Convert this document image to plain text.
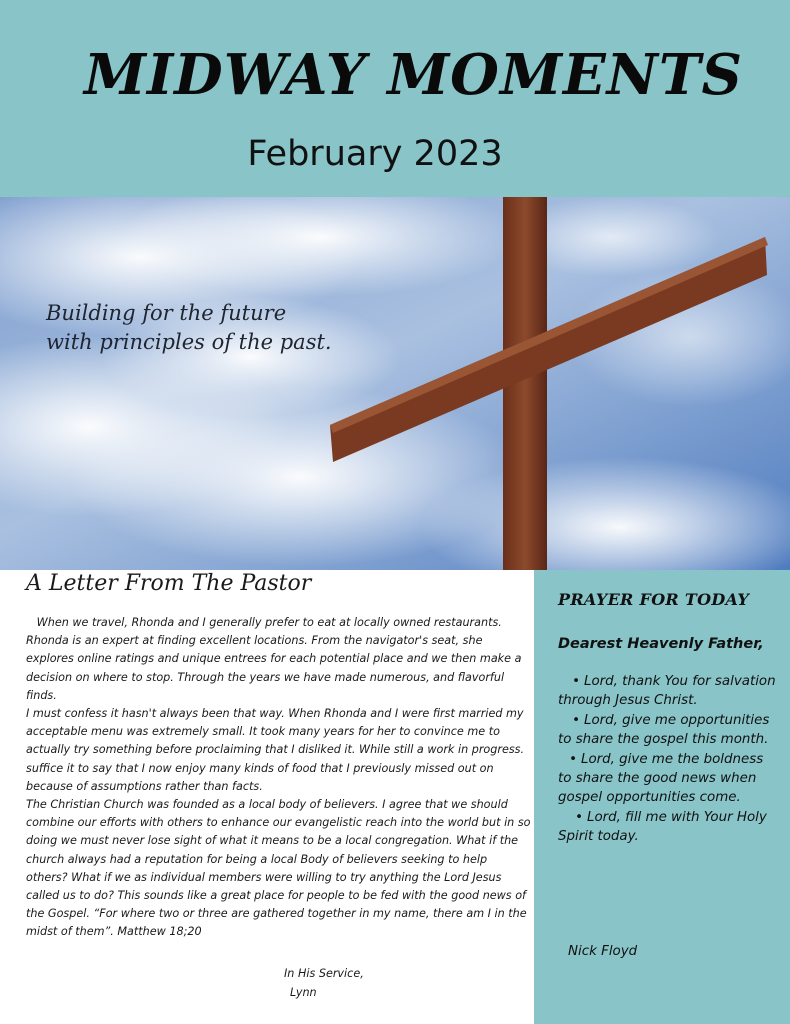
MIDWAY MOMENTS
February 2023
Building for the future
with principles of the past.
A Letter From The Pastor

When we travel, Rhonda and I generally prefer to eat at locally owned restaurants. Rhonda is an expert at finding excellent locations. From the navigator's seat, she explores online ratings and unique entrees for each potential place and we then make a decision on where to stop. Through the years we have made numerous, and flavorful finds.

I must confess it hasn't always been that way. When Rhonda and I were first married my acceptable menu was extremely small. It took many years for her to convince me to actually try something before proclaiming that I disliked it. While still a work in progress. suffice it to say that I now enjoy many kinds of food that I previously missed out on because of assumptions rather than facts.

The Christian Church was founded as a local body of believers. I agree that we should combine our efforts with others to enhance our evangelistic reach into the world but in so doing we must never lose sight of what it means to be a local congregation. What if the church always had a reputation for being a local Body of believers seeking to help others? What if we as individual members were willing to try anything the Lord Jesus called us to do? This sounds like a great place for people to be fed with the good news of the Gospel. “For where two or three are gathered together in my name, there am I in the midst of them”. Matthew 18;20

In His Service,
Lynn
PRAYER FOR TODAY
Dearest Heavenly Father,
• Lord, thank You for salvation through Jesus Christ.
• Lord, give me opportunities to share the gospel this month.
• Lord, give me the boldness to share the good news when gospel opportunities come.
• Lord, fill me with Your Holy Spirit today.
Nick Floyd
